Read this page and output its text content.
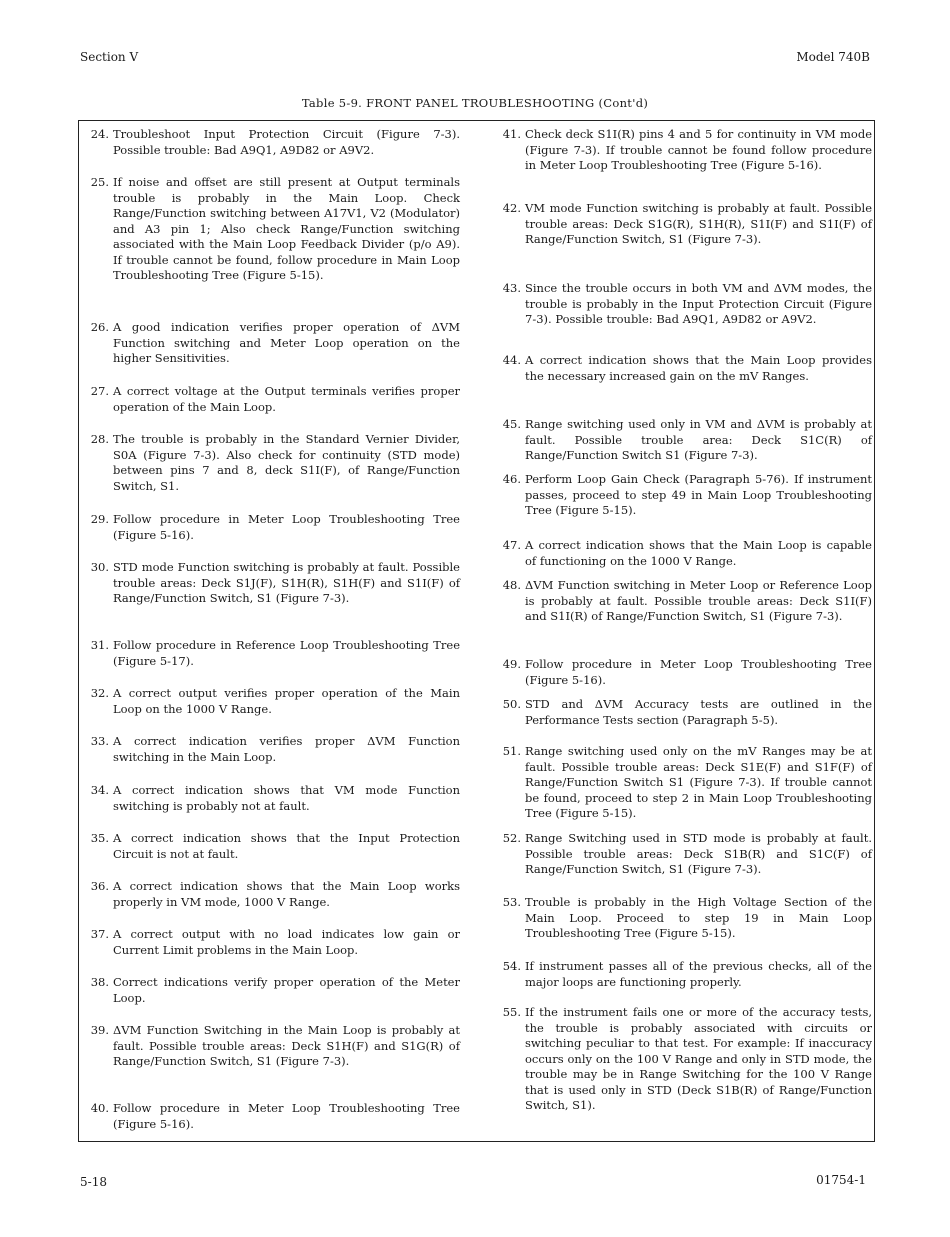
Section V	Model 740B
Table 5-9. FRONT PANEL TROUBLESHOOTING (Cont'd)
24. Troubleshoot Input Protection Circuit (Figure 7-3). Possible trouble: Bad A9Q1, A9D82 or A9V2.
25. If noise and offset are still present at Output terminals trouble is probably in the Main Loop. Check Range/Function switching between A17V1, V2 (Modulator) and A3 pin 1; Also check Range/Function switching associated with the Main Loop Feedback Divider (p/o A9). If trouble cannot be found, follow procedure in Main Loop Troubleshooting Tree (Figure 5-15).
26. A good indication verifies proper operation of ΔVM Function switching and Meter Loop operation on the higher Sensitivities.
27. A correct voltage at the Output terminals verifies proper operation of the Main Loop.
28. The trouble is probably in the Standard Vernier Divider, S0A (Figure 7-3). Also check for continuity (STD mode) between pins 7 and 8, deck S1I(F), of Range/Function Switch, S1.
29. Follow procedure in Meter Loop Troubleshooting Tree (Figure 5-16).
30. STD mode Function switching is probably at fault. Possible trouble areas: Deck S1J(F), S1H(R), S1H(F) and S1I(F) of Range/Function Switch, S1 (Figure 7-3).
31. Follow procedure in Reference Loop Troubleshooting Tree (Figure 5-17).
32. A correct output verifies proper operation of the Main Loop on the 1000 V Range.
33. A correct indication verifies proper ΔVM Function switching in the Main Loop.
34. A correct indication shows that VM mode Function switching is probably not at fault.
35. A correct indication shows that the Input Protection Circuit is not at fault.
36. A correct indication shows that the Main Loop works properly in VM mode, 1000 V Range.
37. A correct output with no load indicates low gain or Current Limit problems in the Main Loop.
38. Correct indications verify proper operation of the Meter Loop.
39. ΔVM Function Switching in the Main Loop is probably at fault. Possible trouble areas: Deck S1H(F) and S1G(R) of Range/Function Switch, S1 (Figure 7-3).
40. Follow procedure in Meter Loop Troubleshooting Tree (Figure 5-16).
41. Check deck S1I(R) pins 4 and 5 for continuity in VM mode (Figure 7-3). If trouble cannot be found follow procedure in Meter Loop Troubleshooting Tree (Figure 5-16).
42. VM mode Function switching is probably at fault. Possible trouble areas: Deck S1G(R), S1H(R), S1I(F) and S1I(F) of Range/Function Switch, S1 (Figure 7-3).
43. Since the trouble occurs in both VM and ΔVM modes, the trouble is probably in the Input Protection Circuit (Figure 7-3). Possible trouble: Bad A9Q1, A9D82 or A9V2.
44. A correct indication shows that the Main Loop provides the necessary increased gain on the mV Ranges.
45. Range switching used only in VM and ΔVM is probably at fault. Possible trouble area: Deck S1C(R) of Range/Function Switch S1 (Figure 7-3).
46. Perform Loop Gain Check (Paragraph 5-76). If instrument passes, proceed to step 49 in Main Loop Troubleshooting Tree (Figure 5-15).
47. A correct indication shows that the Main Loop is capable of functioning on the 1000 V Range.
48. ΔVM Function switching in Meter Loop or Reference Loop is probably at fault. Possible trouble areas: Deck S1I(F) and S1I(R) of Range/Function Switch, S1 (Figure 7-3).
49. Follow procedure in Meter Loop Troubleshooting Tree (Figure 5-16).
50. STD and ΔVM Accuracy tests are outlined in the Performance Tests section (Paragraph 5-5).
51. Range switching used only on the mV Ranges may be at fault. Possible trouble areas: Deck S1E(F) and S1F(F) of Range/Function Switch S1 (Figure 7-3). If trouble cannot be found, proceed to step 2 in Main Loop Troubleshooting Tree (Figure 5-15).
52. Range Switching used in STD mode is probably at fault. Possible trouble areas: Deck S1B(R) and S1C(F) of Range/Function Switch, S1 (Figure 7-3).
53. Trouble is probably in the High Voltage Section of the Main Loop. Proceed to step 19 in Main Loop Troubleshooting Tree (Figure 5-15).
54. If instrument passes all of the previous checks, all of the major loops are functioning properly.
55. If the instrument fails one or more of the accuracy tests, the trouble is probably associated with circuits or switching peculiar to that test. For example: If inaccuracy occurs only on the 100 V Range and only in STD mode, the trouble may be in Range Switching for the 100 V Range that is used only in STD (Deck S1B(R) of Range/Function Switch, S1).
5-18	01754-1
